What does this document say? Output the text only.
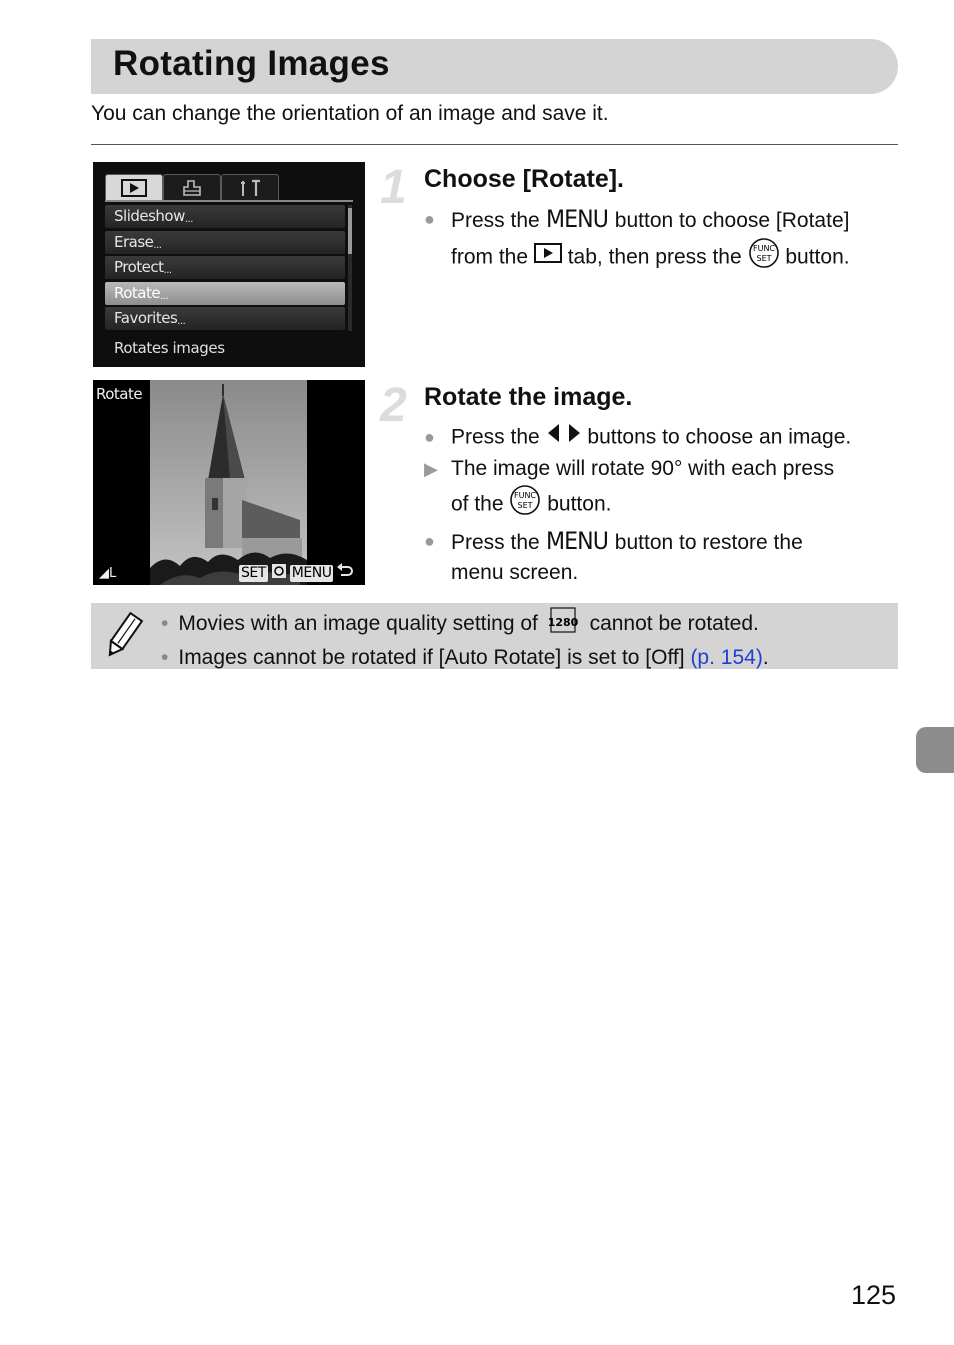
Rotating Images
You can change the orientation of an image and save it.
Slideshow...
Erase...
Protect...
Rotate...
Favorites...
Rotates images
1 Choose [Rotate].
● Press the MENU button to choose [Rotate]
from the tab, then press the FUNC
SET button.
Rotate
◢L	SET MENU
2 Rotate the image.
● Press the buttons to choose an image.
▶ The image will rotate 90° with each press
of the FUNC
SET button.
● Press the MENU button to restore the
menu screen.
• Movies with an image quality setting of 1280 cannot be rotated.
• Images cannot be rotated if [Auto Rotate] is set to [Off] (p. 154).
125
